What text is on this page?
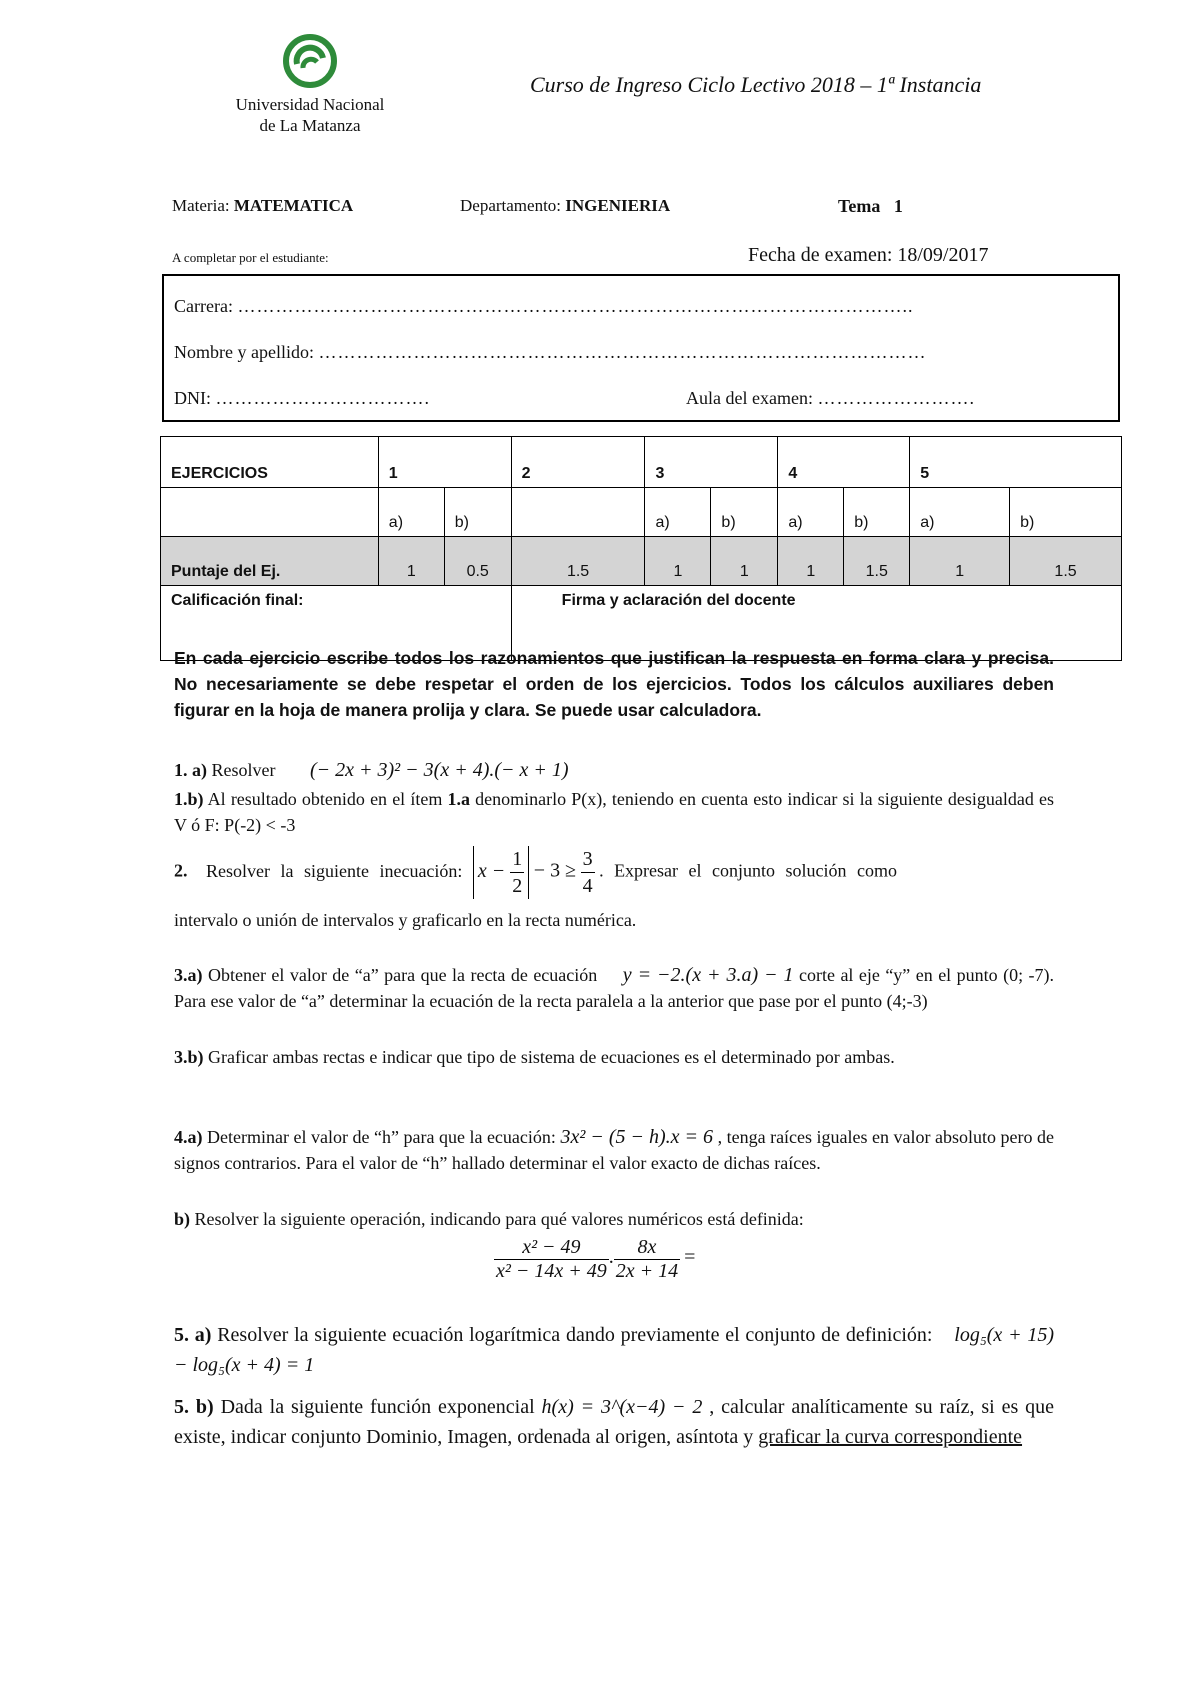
Universidad Nacional
de La Matanza
Curso de Ingreso Ciclo Lectivo 2018 – 1ª Instancia
Materia: MATEMATICA	Departamento: INGENIERIA	Tema   1
A completar por el estudiante:	Fecha de examen: 18/09/2017
Carrera: ……………………………………………………………………………………………..
Nombre y apellido: ……………………………………………………………………………………
DNI: …………………………….	Aula del examen: …………………….
EJERCICIOS	1		2	3		4		5	
	a)	b)		a)	b)	a)	b)	a)	b)
Puntaje del Ej.	1	0.5	1.5	1	1	1	1.5	1	1.5
Calificación final:			Firma y aclaración del docente						
En cada ejercicio escribe todos los razonamientos que justifican la respuesta en forma clara y precisa. No necesariamente se debe respetar el orden de los ejercicios. Todos los cálculos auxiliares deben figurar en la hoja de manera prolija y clara. Se puede usar calculadora.
1. a) Resolver (− 2x + 3)² − 3(x + 4).(− x + 1)
1.b) Al resultado obtenido en el ítem 1.a denominarlo P(x), teniendo en cuenta esto indicar si la siguiente desigualdad es V ó F: P(-2) < -3
2. Resolver la siguiente inecuación: $x - \frac{1}{2} - 3 \ge \frac{3}{4}$ . Expresar el conjunto solución como
intervalo o unión de intervalos y graficarlo en la recta numérica.
3.a) Obtener el valor de “a” para que la recta de ecuación y = −2.(x + 3.a) − 1 corte al eje “y” en el punto (0; -7). Para ese valor de “a” determinar la ecuación de la recta paralela a la anterior que pase por el punto (4;-3)
3.b) Graficar ambas rectas e indicar que tipo de sistema de ecuaciones es el determinado por ambas.
4.a) Determinar el valor de “h” para que la ecuación: 3x² − (5 − h).x = 6 , tenga raíces iguales en valor absoluto pero de signos contrarios. Para el valor de “h” hallado determinar el valor exacto de dichas raíces.
b) Resolver la siguiente operación, indicando para qué valores numéricos está definida:
$\frac{\text{x² − 49}}{\text{x² − 14x + 49}}$ . $\frac{8x}{2x + 14}$ =
5. a) Resolver la siguiente ecuación logarítmica dando previamente el conjunto de definición: log₅(x + 15) − log₅(x + 4) = 1
5. b) Dada la siguiente función exponencial h(x) = 3^(x−4) − 2 , calcular analíticamente su raíz, si es que existe, indicar conjunto Dominio, Imagen, ordenada al origen, asíntota y graficar la curva correspondiente
